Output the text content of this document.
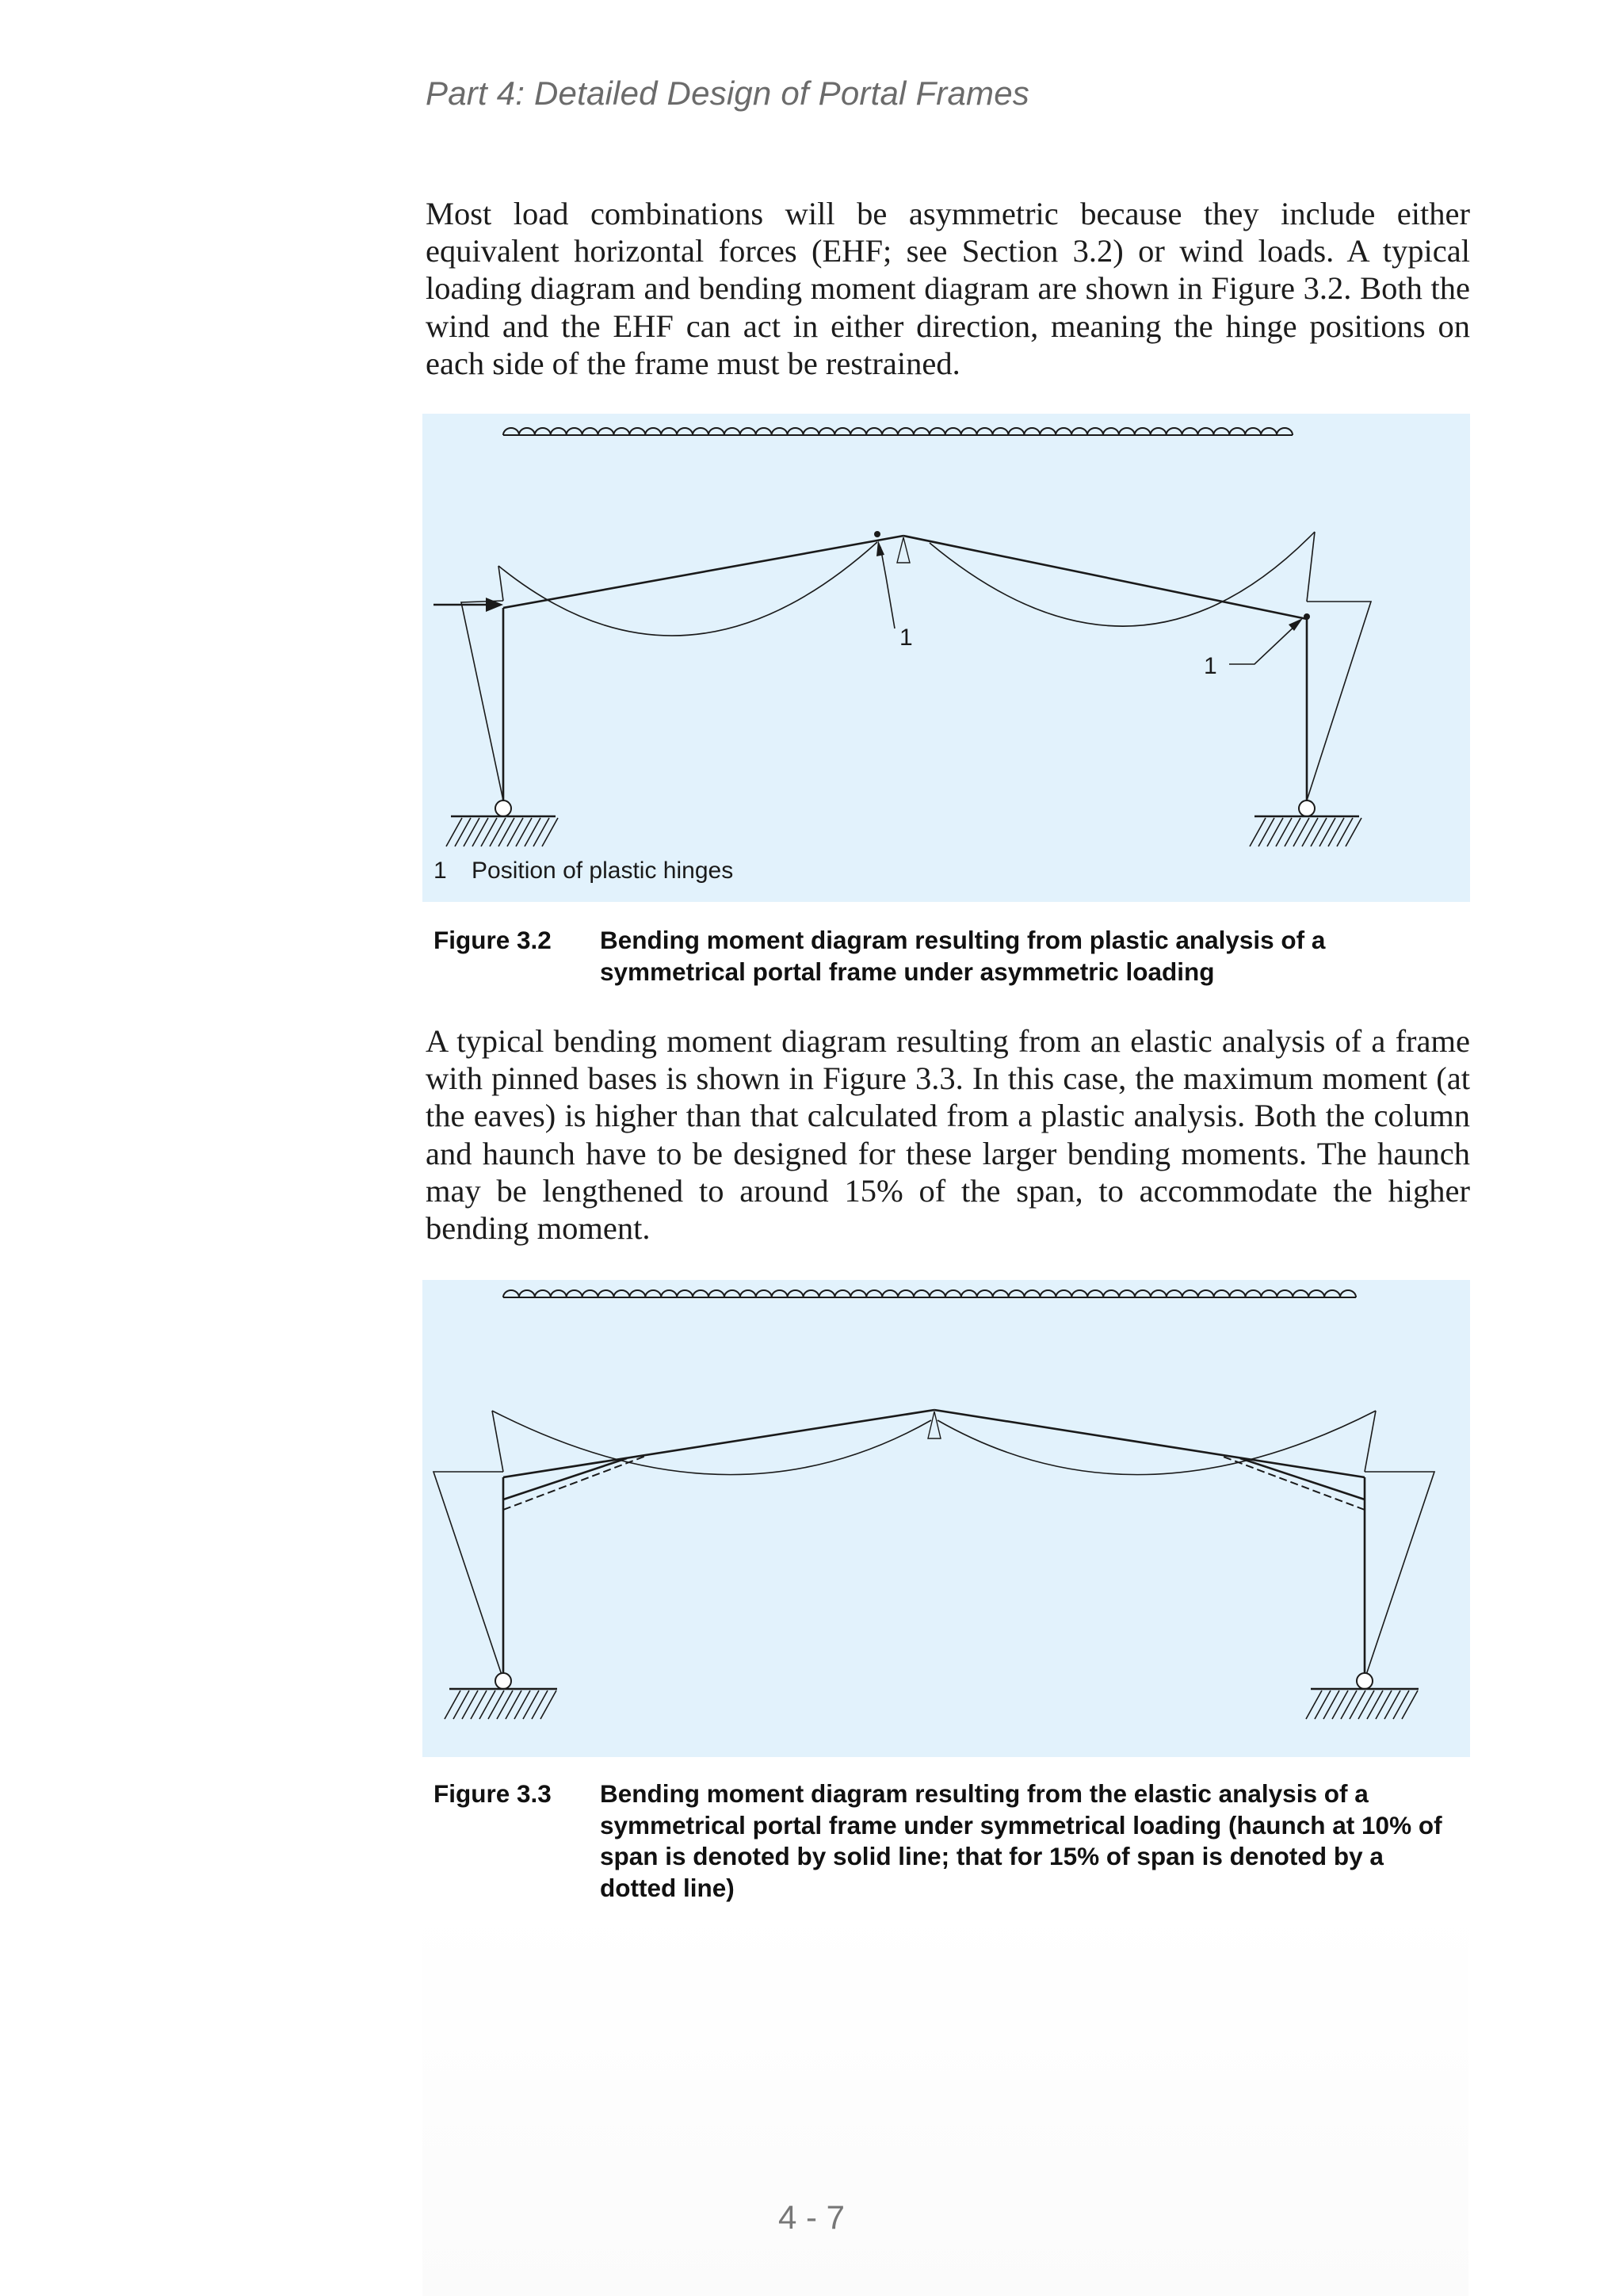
Part 4: Detailed Design of Portal Frames

Most load combinations will be asymmetric because they include either equivalent horizontal forces (EHF; see Section 3.2) or wind loads. A typical loading diagram and bending moment diagram are shown in Figure 3.2. Both the wind and the EHF can act in either direction, meaning the hinge positions on each side of the frame must be restrained.

1
1
1 Position of plastic hinges
Figure 3.2	Bending moment diagram resulting from plastic analysis of a symmetrical portal frame under asymmetric loading

A typical bending moment diagram resulting from an elastic analysis of a frame with pinned bases is shown in Figure 3.3. In this case, the maximum moment (at the eaves) is higher than that calculated from a plastic analysis. Both the column and haunch have to be designed for these larger bending moments. The haunch may be lengthened to around 15% of the span, to accommodate the higher bending moment.

Figure 3.3	Bending moment diagram resulting from the elastic analysis of a symmetrical portal frame under symmetrical loading (haunch at 10% of span is denoted by solid line; that for 15% of span is denoted by a dotted line)
4 - 7
